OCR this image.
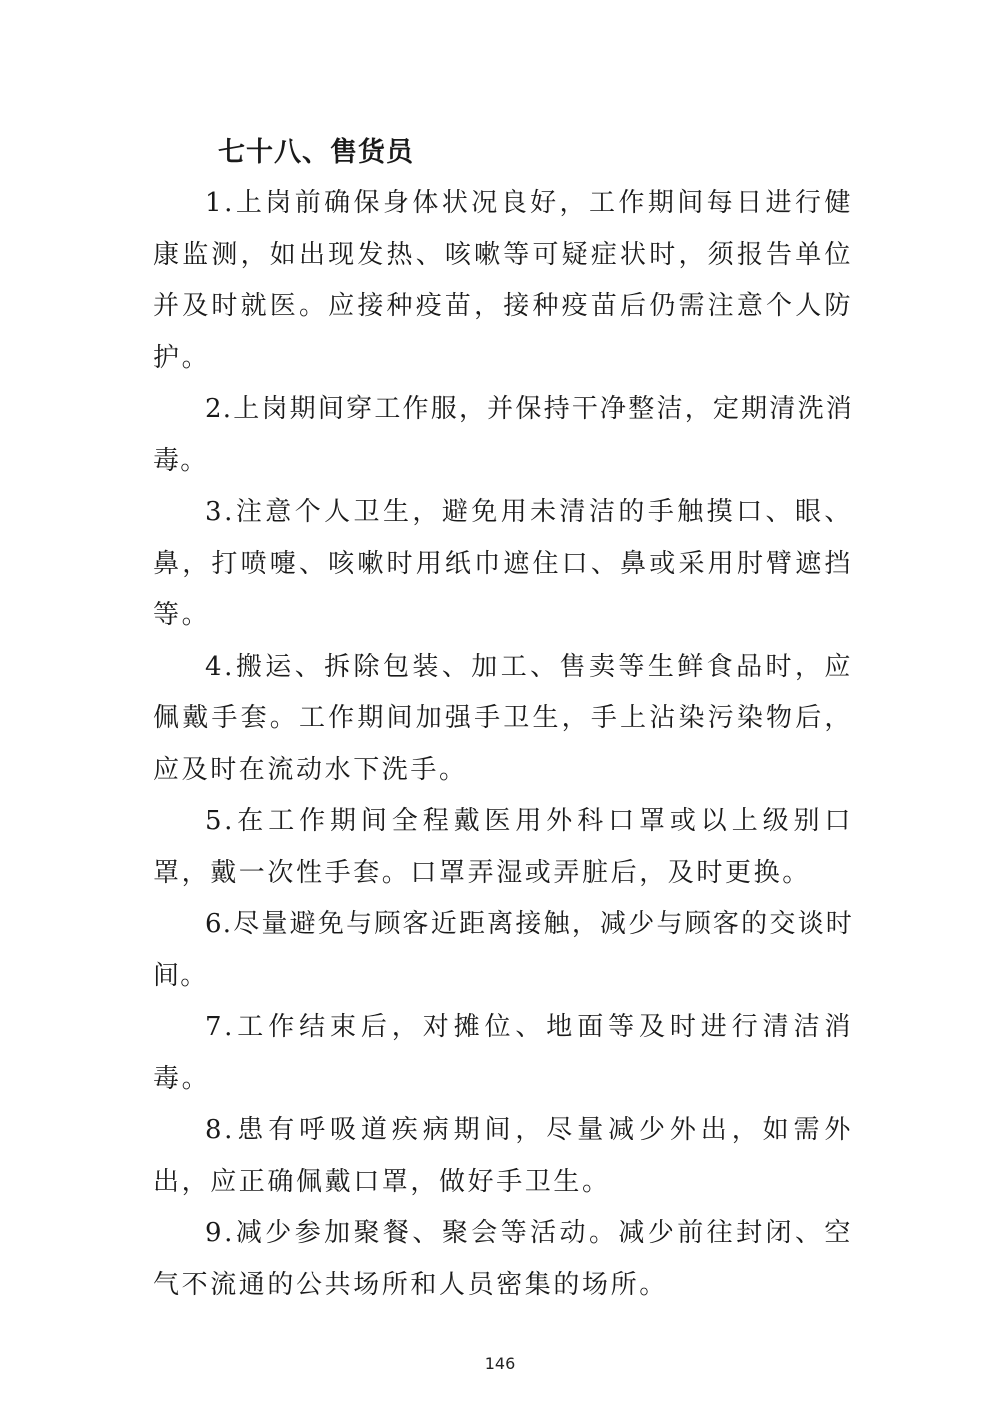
七十八、售货员

1.上岗前确保身体状况良好，工作期间每日进行健康监测，如出现发热、咳嗽等可疑症状时，须报告单位并及时就医。应接种疫苗，接种疫苗后仍需注意个人防护。

2.上岗期间穿工作服，并保持干净整洁，定期清洗消毒。

3.注意个人卫生，避免用未清洁的手触摸口、眼、鼻，打喷嚏、咳嗽时用纸巾遮住口、鼻或采用肘臂遮挡等。

4.搬运、拆除包装、加工、售卖等生鲜食品时，应佩戴手套。工作期间加强手卫生，手上沾染污染物后，应及时在流动水下洗手。

5.在工作期间全程戴医用外科口罩或以上级别口罩，戴一次性手套。口罩弄湿或弄脏后，及时更换。

6.尽量避免与顾客近距离接触，减少与顾客的交谈时间。

7.工作结束后，对摊位、地面等及时进行清洁消毒。

8.患有呼吸道疾病期间，尽量减少外出，如需外出，应正确佩戴口罩，做好手卫生。

9.减少参加聚餐、聚会等活动。减少前往封闭、空气不流通的公共场所和人员密集的场所。

146
